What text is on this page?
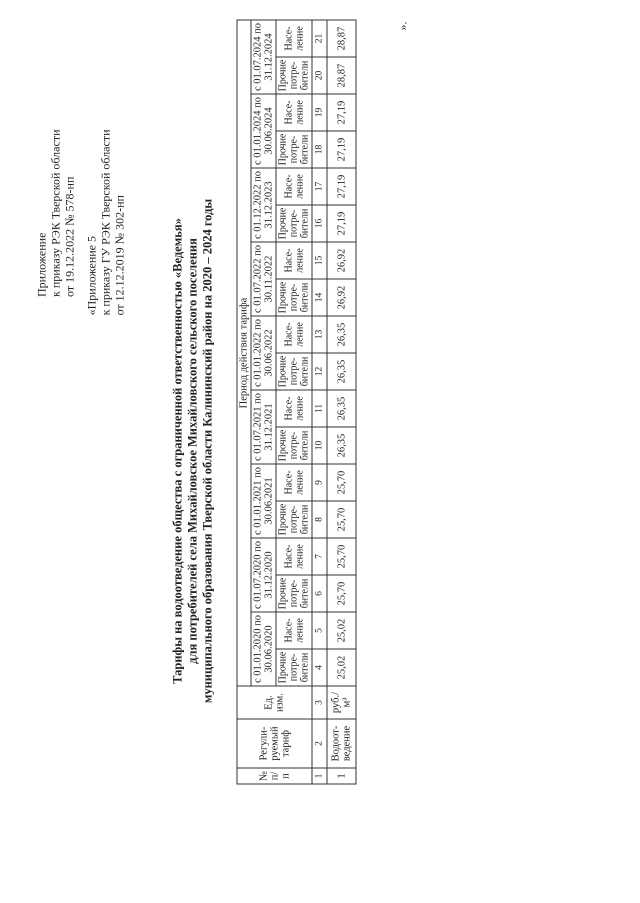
Приложение к приказу РЭК Тверской области от 19.12.2022 № 578-нп «Приложение 5 к приказу ГУ РЭК Тверской области от 12.12.2019 № 302-нп	Тарифы на водоотведение общества с ограниченной ответственностью «Ведемья» для потребителей села Михайловское Михайловского сельского поселения муниципального образования Тверской области Калининский район на 2020 – 2024 годы
№ п/п	Регули-руемый тариф	Ед. изм.	Период действия тарифа																	
			с 01.01.2020 по 30.06.2020		с 01.07.2020 по 31.12.2020		с 01.01.2021 по 30.06.2021		с 01.07.2021 по 31.12.2021		с 01.01.2022 по 30.06.2022		с 01.07.2022 по 30.11.2022		с 01.12.2022 по 31.12.2023		с 01.01.2024 по 30.06.2024		с 01.07.2024 по 31.12.2024	
			Прочие потре-бители	Насе-ление	Прочие потре-бители	Насе-ление	Прочие потре-бители	Насе-ление	Прочие потре-бители	Насе-ление	Прочие потре-бители	Насе-ление	Прочие потре-бители	Насе-ление	Прочие потре-бители	Насе-ление	Прочие потре-бители	Насе-ление	Прочие потре-бители	Насе-ление
1	2	3	4	5	6	7	8	9	10	11	12	13	14	15	16	17	18	19	20	21
1	Водоот-ведение	руб./м³	25,02	25,02	25,70	25,70	25,70	25,70	26,35	26,35	26,35	26,35	26,92	26,92	27,19	27,19	27,19	27,19	28,87	28,87
».
